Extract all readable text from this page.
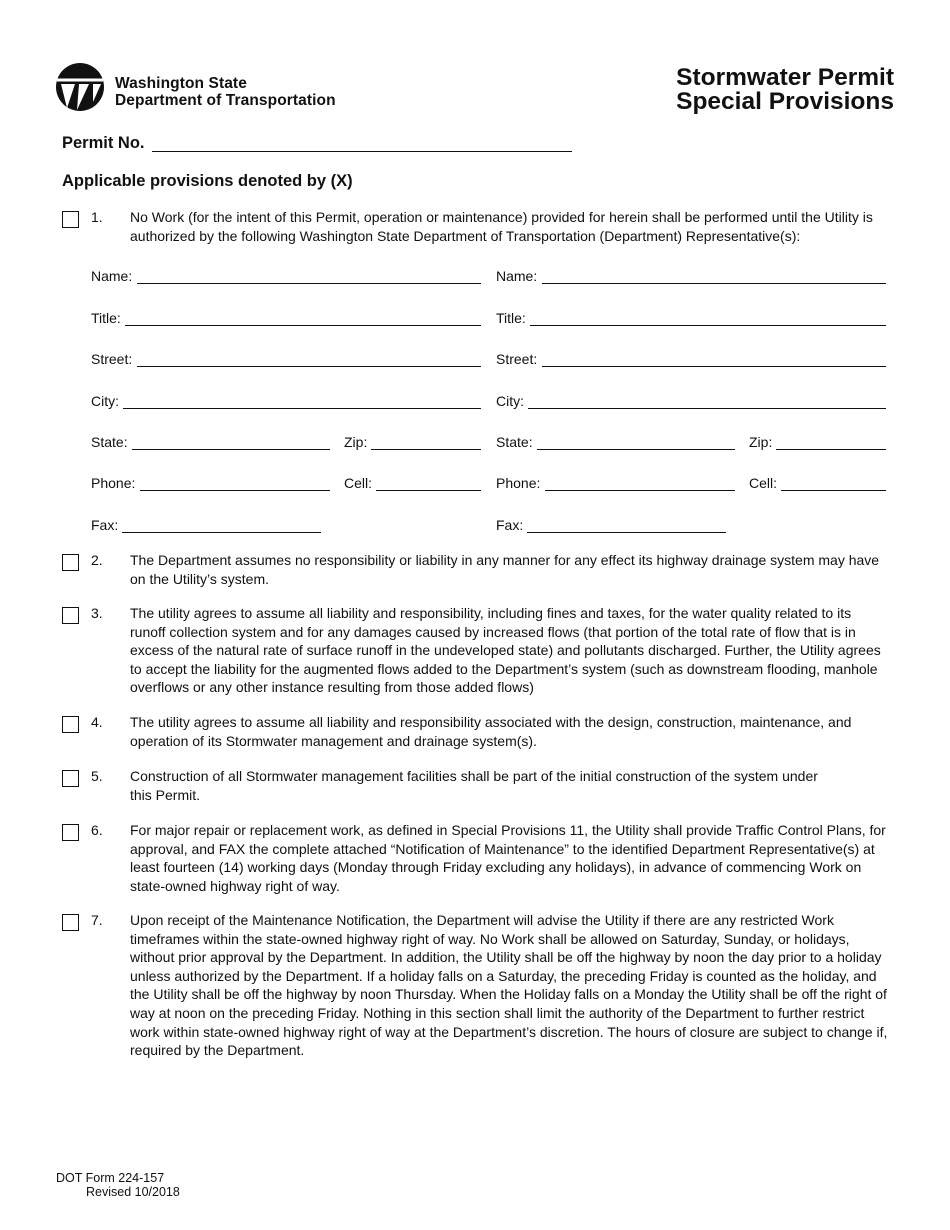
Washington State
Department of Transportation
Stormwater Permit
Special Provisions
Permit No.
Applicable provisions denoted by (X)
1. No Work (for the intent of this Permit, operation or maintenance) provided for herein shall be performed until the Utility is authorized by the following Washington State Department of Transportation (Department) Representative(s):
Name:
Title:
Street:
City:
State:	Zip:
Phone:	Cell:
Fax:
Name:
Title:
Street:
City:
State:	Zip:
Phone:	Cell:
Fax:
2. The Department assumes no responsibility or liability in any manner for any effect its highway drainage system may have on the Utility’s system.
3. The utility agrees to assume all liability and responsibility, including fines and taxes, for the water quality related to its runoff collection system and for any damages caused by increased flows (that portion of the total rate of flow that is in excess of the natural rate of surface runoff in the undeveloped state) and pollutants discharged. Further, the Utility agrees to accept the liability for the augmented flows added to the Department’s system (such as downstream flooding, manhole overflows or any other instance resulting from those added flows)
4. The utility agrees to assume all liability and responsibility associated with the design, construction, maintenance, and operation of its Stormwater management and drainage system(s).
5. Construction of all Stormwater management facilities shall be part of the initial construction of the system under this Permit.
6. For major repair or replacement work, as defined in Special Provisions 11, the Utility shall provide Traffic Control Plans, for approval, and FAX the complete attached “Notification of Maintenance” to the identified Department Representative(s) at least fourteen (14) working days (Monday through Friday excluding any holidays), in advance of commencing Work on state-owned highway right of way.
7. Upon receipt of the Maintenance Notification, the Department will advise the Utility if there are any restricted Work timeframes within the state-owned highway right of way. No Work shall be allowed on Saturday, Sunday, or holidays, without prior approval by the Department. In addition, the Utility shall be off the highway by noon the day prior to a holiday unless authorized by the Department. If a holiday falls on a Saturday, the preceding Friday is counted as the holiday, and the Utility shall be off the highway by noon Thursday. When the Holiday falls on a Monday the Utility shall be off the right of way at noon on the preceding Friday. Nothing in this section shall limit the authority of the Department to further restrict work within state-owned highway right of way at the Department’s discretion. The hours of closure are subject to change if, required by the Department.
DOT Form 224-157
Revised 10/2018
